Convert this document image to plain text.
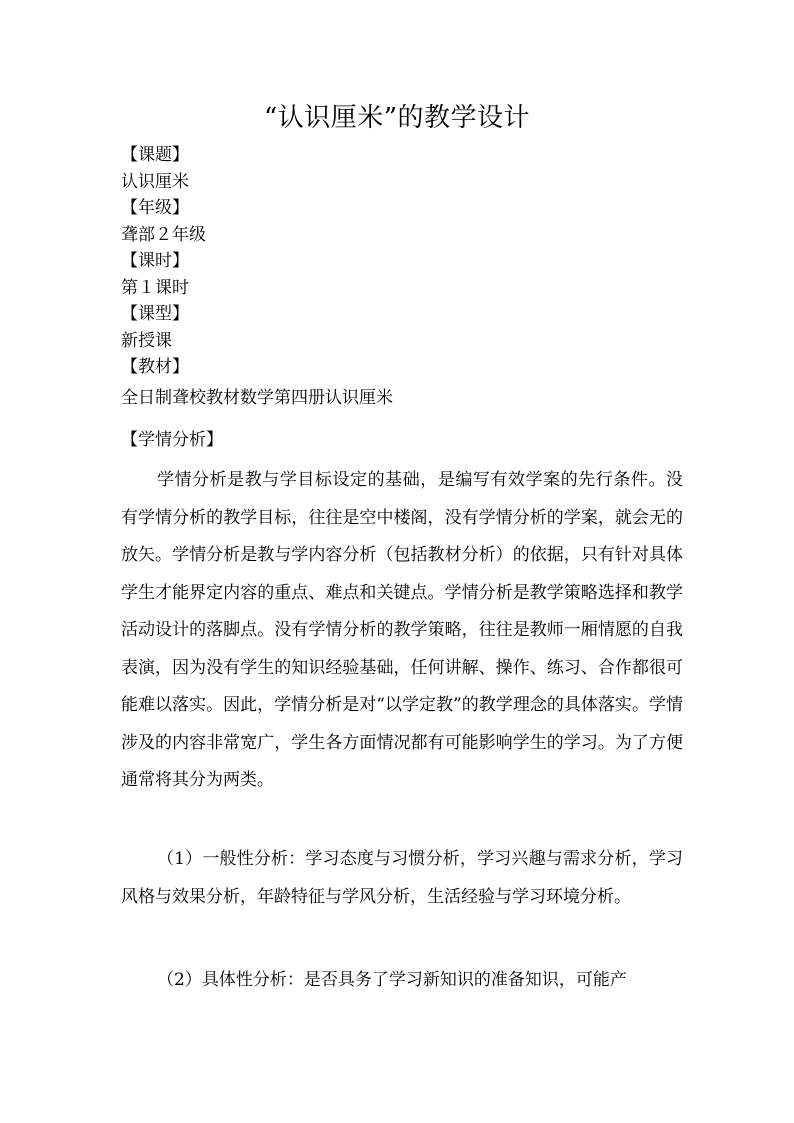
“认识厘米”的教学设计
【课题】
认识厘米
【年级】
聋部２年级
【课时】
第１课时
【课型】
新授课
【教材】
全日制聋校教材数学第四册认识厘米
【学情分析】

学情分析是教与学目标设定的基础，是编写有效学案的先行条件。没有学情分析的教学目标，往往是空中楼阁，没有学情分析的学案，就会无的放矢。学情分析是教与学内容分析（包括教材分析）的依据，只有针对具体学生才能界定内容的重点、难点和关键点。学情分析是教学策略选择和教学活动设计的落脚点。没有学情分析的教学策略，往往是教师一厢情愿的自我表演，因为没有学生的知识经验基础，任何讲解、操作、练习、合作都很可能难以落实。因此，学情分析是对“以学定教”的教学理念的具体落实。学情涉及的内容非常宽广，学生各方面情况都有可能影响学生的学习。为了方便通常将其分为两类。

（1）一般性分析：学习态度与习惯分析，学习兴趣与需求分析，学习风格与效果分析，年龄特征与学风分析，生活经验与学习环境分析。

（2）具体性分析：是否具务了学习新知识的准备知识，可能产
